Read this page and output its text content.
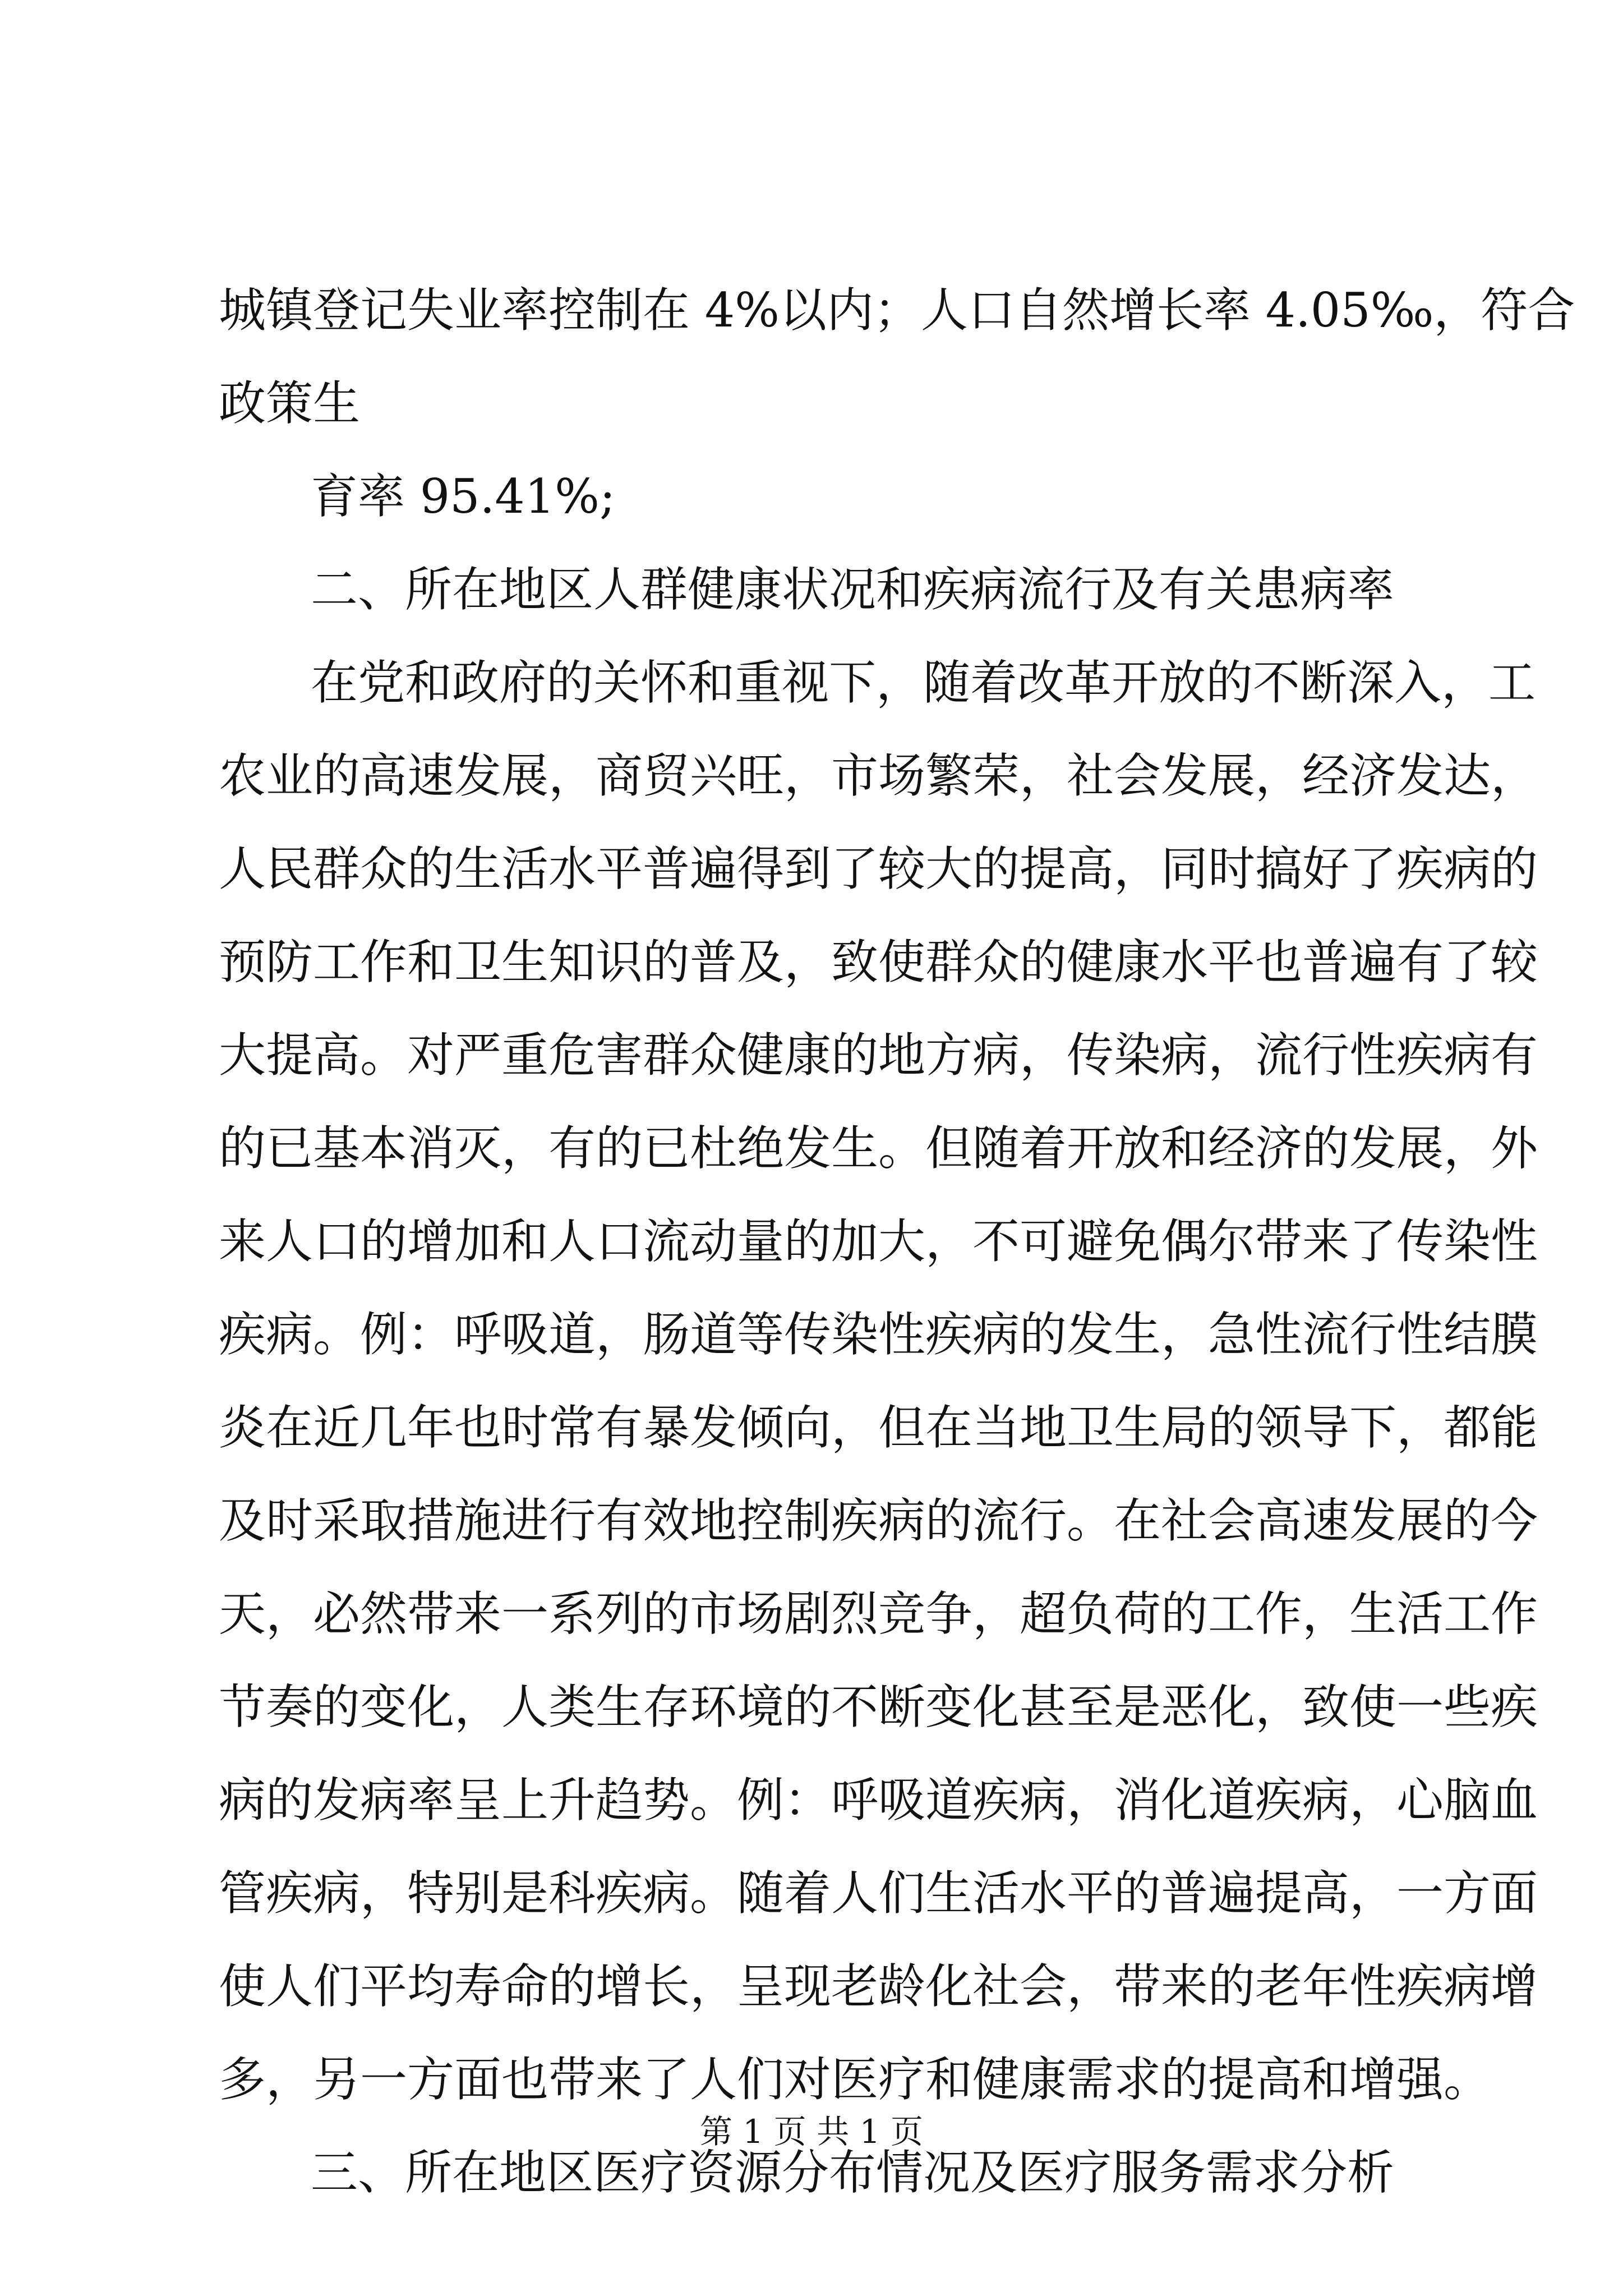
城镇登记失业率控制在 4%以内；人口自然增长率 4.05‰，符合
政策生
育率 95.41%;
二、所在地区人群健康状况和疾病流行及有关患病率
在党和政府的关怀和重视下，随着改革开放的不断深入，工
农业的高速发展，商贸兴旺，市场繁荣，社会发展，经济发达，
人民群众的生活水平普遍得到了较大的提高，同时搞好了疾病的
预防工作和卫生知识的普及，致使群众的健康水平也普遍有了较
大提高。对严重危害群众健康的地方病，传染病，流行性疾病有
的已基本消灭，有的已杜绝发生。但随着开放和经济的发展，外
来人口的增加和人口流动量的加大，不可避免偶尔带来了传染性
疾病。例：呼吸道，肠道等传染性疾病的发生，急性流行性结膜
炎在近几年也时常有暴发倾向，但在当地卫生局的领导下，都能
及时采取措施进行有效地控制疾病的流行。在社会高速发展的今
天，必然带来一系列的市场剧烈竞争，超负荷的工作，生活工作
节奏的变化，人类生存环境的不断变化甚至是恶化，致使一些疾
病的发病率呈上升趋势。例：呼吸道疾病，消化道疾病，心脑血
管疾病，特别是科疾病。随着人们生活水平的普遍提高，一方面
使人们平均寿命的增长，呈现老龄化社会，带来的老年性疾病增
多，另一方面也带来了人们对医疗和健康需求的提高和增强。
三、所在地区医疗资源分布情况及医疗服务需求分析
第 1 页 共 1 页
